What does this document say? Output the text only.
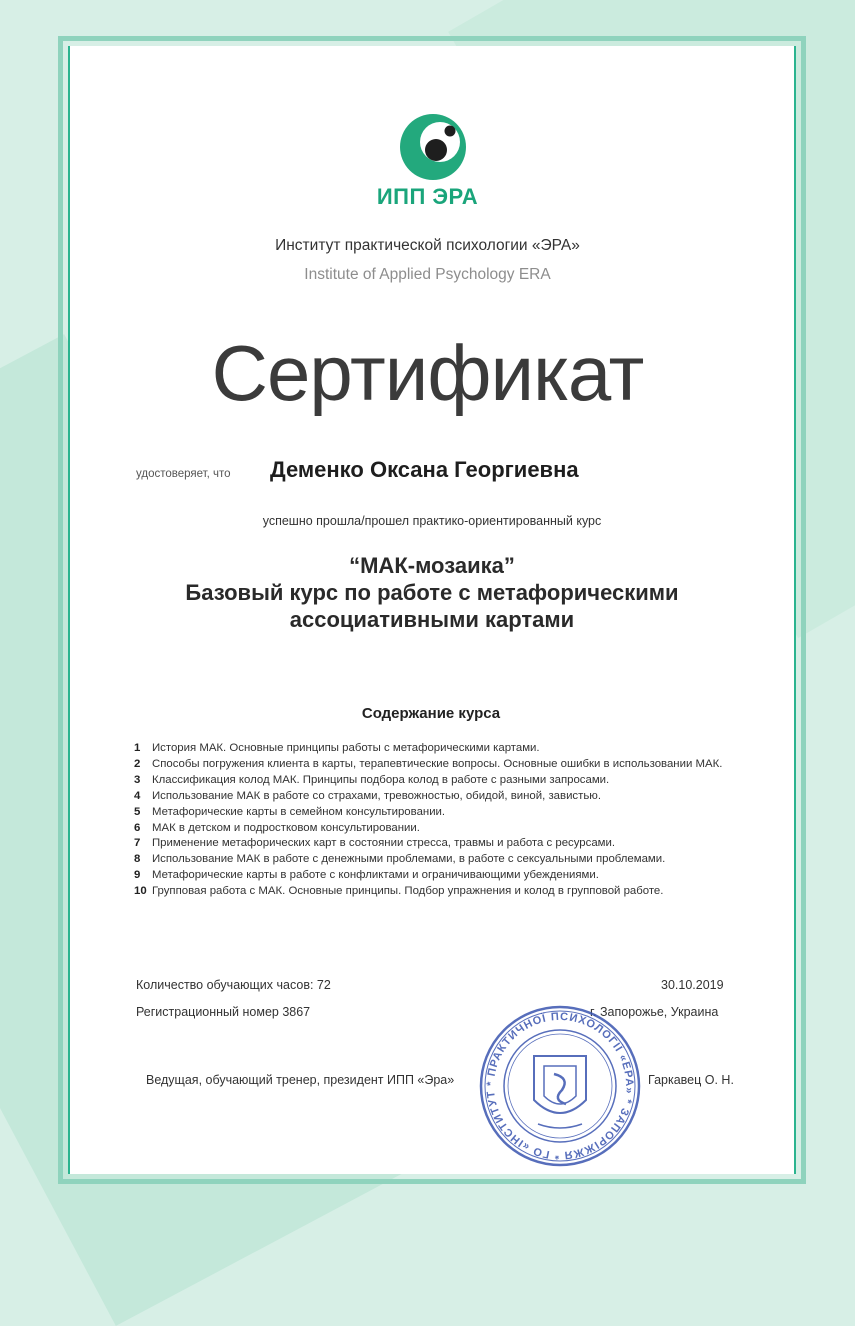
ИПП ЭРА
Институт практической психологии «ЭРА»
Institute of Applied Psychology ERA
Сертификат
удостоверяет, что Деменко Оксана Георгиевна
успешно прошла/прошел практико-ориентированный курс
“МАК-мозаика”
Базовый курс по работе с метафорическими
ассоциативными картами
Содержание курса
1	История МАК. Основные принципы работы с метафорическими картами.
2	Способы погружения клиента в карты, терапевтические вопросы. Основные ошибки в использовании МАК.
3	Классификация колод МАК. Принципы подбора колод в работе с разными запросами.
4	Использование МАК в работе со страхами, тревожностью, обидой, виной, завистью.
5	Метафорические карты в семейном консультировании.
6	МАК в детском и подростковом консультировании.
7	Применение метафорических карт в состоянии стресса, травмы и работа с ресурсами.
8	Использование МАК в работе с денежными проблемами, в работе с сексуальными проблемами.
9	Метафорические карты в работе с конфликтами и ограничивающими убеждениями.
10 Групповая работа с МАК. Основные принципы. Подбор упражнения и колод в групповой работе.
Количество обучающих часов: 72	30.10.2019
Регистрационный номер 3867	г. Запорожье, Украина
Ведущая, обучающий тренер, президент ИПП «Эра»	Гаркавец О. Н.
* ПРАКТИЧНОЇ ПСИХОЛОГІЇ «ЕРА» * ЗАПОРІЖЖЯ * ГО «ІНСТИТУТ
